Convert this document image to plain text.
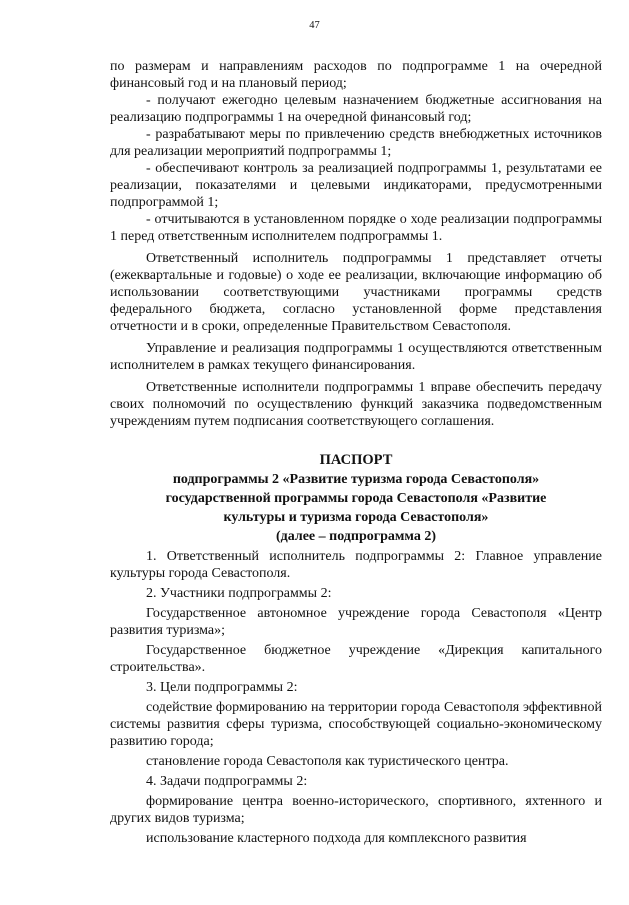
47

по размерам и направлениям расходов по подпрограмме 1 на очередной финансовый год и на плановый период;

- получают ежегодно целевым назначением бюджетные ассигнования на реализацию подпрограммы 1 на очередной финансовый год;

- разрабатывают меры по привлечению средств внебюджетных источников для реализации мероприятий подпрограммы 1;

- обеспечивают контроль за реализацией подпрограммы 1, результатами ее реализации, показателями и целевыми индикаторами, предусмотренными подпрограммой 1;

- отчитываются в установленном порядке о ходе реализации подпрограммы 1 перед ответственным исполнителем подпрограммы 1.

Ответственный исполнитель подпрограммы 1 представляет отчеты (ежеквартальные и годовые) о ходе ее реализации, включающие информацию об использовании соответствующими участниками программы средств федерального бюджета, согласно установленной форме представления отчетности и в сроки, определенные Правительством Севастополя.

Управление и реализация подпрограммы 1 осуществляются ответственным исполнителем в рамках текущего финансирования.

Ответственные исполнители подпрограммы 1 вправе обеспечить передачу своих полномочий по осуществлению функций заказчика подведомственным учреждениям путем подписания соответствующего соглашения.

ПАСПОРТ

подпрограммы 2 «Развитие туризма города Севастополя»

государственной программы города Севастополя «Развитие

культуры и туризма города Севастополя»

(далее – подпрограмма 2)

1. Ответственный исполнитель подпрограммы 2: Главное управление культуры города Севастополя.

2. Участники подпрограммы 2:

Государственное автономное учреждение города Севастополя «Центр развития туризма»;

Государственное бюджетное учреждение «Дирекция капитального строительства».

3. Цели подпрограммы 2:

содействие формированию на территории города Севастополя эффективной системы развития сферы туризма, способствующей социально-экономическому развитию города;

становление города Севастополя как туристического центра.

4. Задачи подпрограммы 2:

формирование центра военно-исторического, спортивного, яхтенного и других видов туризма;

использование кластерного подхода для комплексного развития
